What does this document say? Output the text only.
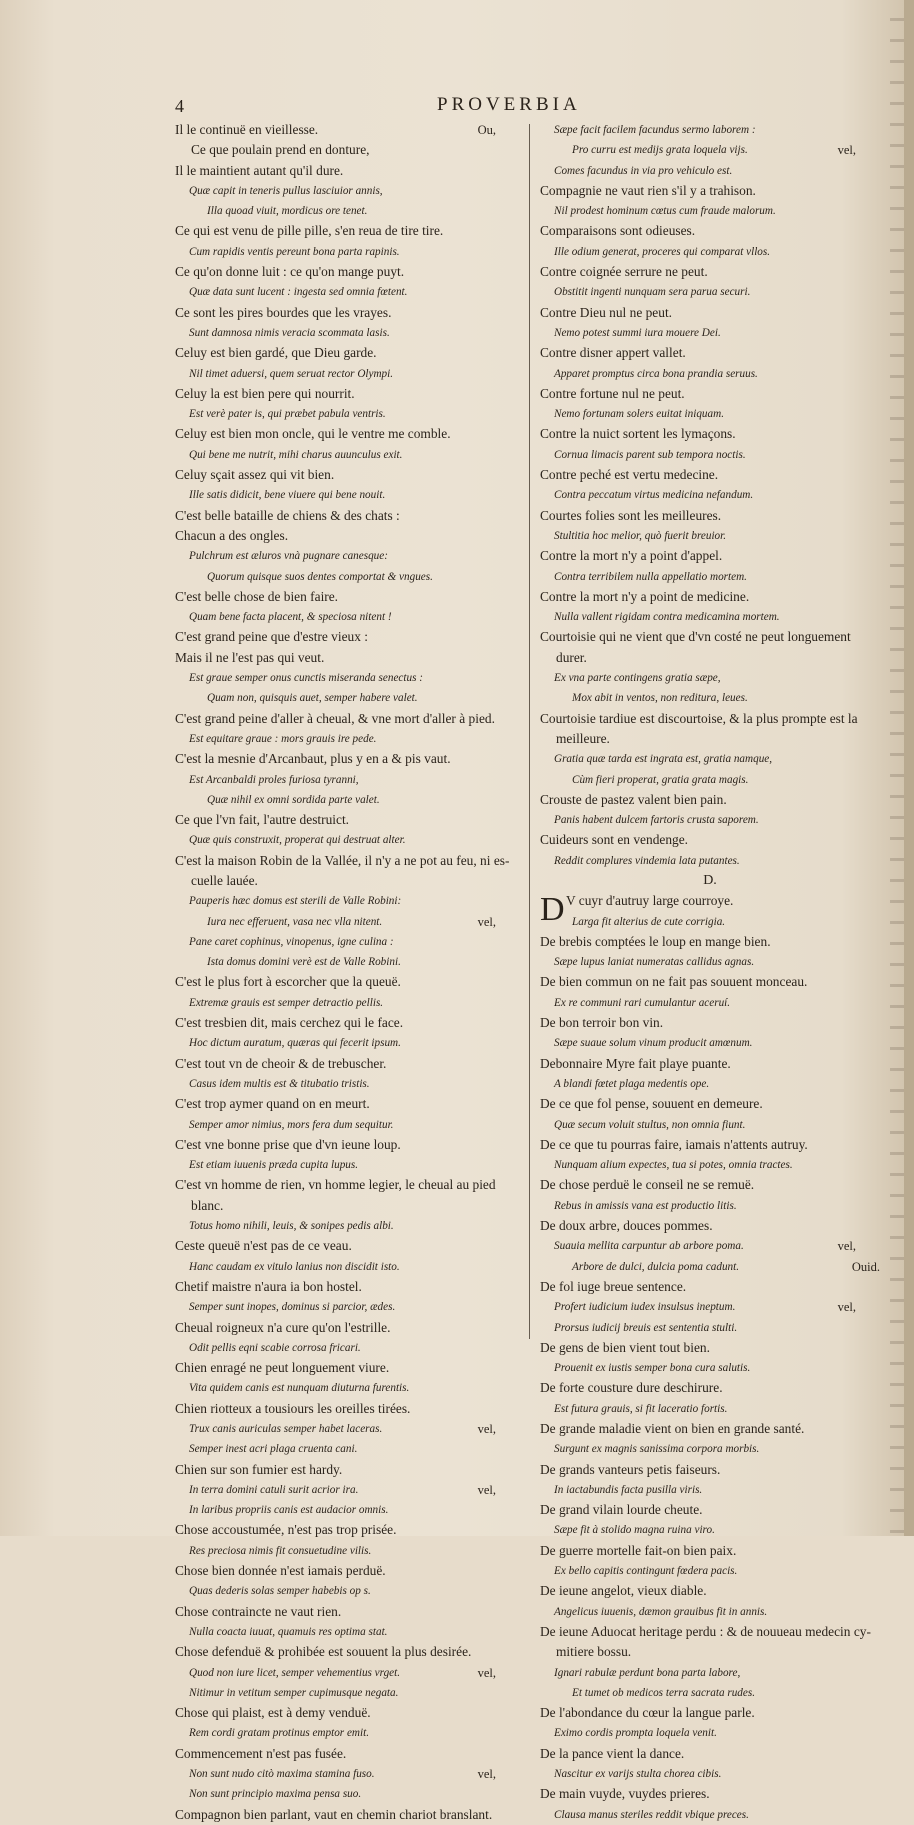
4	PROVERBIA
Il le continuë en vieillesse.	Ou,
Ce que poulain prend en donture,
Il le maintient autant qu'il dure.
Quæ capit in teneris pullus lasciuior annis,
Illa quoad viuit, mordicus ore tenet.
Ce qui est venu de pille pille, s'en reua de tire tire.
Cum rapidis ventis pereunt bona parta rapinis.
Ce qu'on donne luit : ce qu'on mange puyt.
Quæ data sunt lucent : ingesta sed omnia fœtent.
Ce sont les pires bourdes que les vrayes.
Sunt damnosa nimis veracia scommata lasis.
Celuy est bien gardé, que Dieu garde.
Nil timet aduersi, quem seruat rector Olympi.
Celuy la est bien pere qui nourrit.
Est verè pater is, qui præbet pabula ventris.
Celuy est bien mon oncle, qui le ventre me comble.
Qui bene me nutrit, mihi charus auunculus exit.
Celuy sçait assez qui vit bien.
Ille satis didicit, bene viuere qui bene nouit.
C'est belle bataille de chiens & des chats :
Chacun a des ongles.
Pulchrum est æluros vnà pugnare canesque:
Quorum quisque suos dentes comportat & vngues.
C'est belle chose de bien faire.
Quam bene facta placent, & speciosa nitent !
C'est grand peine que d'estre vieux :
Mais il ne l'est pas qui veut.
Est graue semper onus cunctis miseranda senectus :
Quam non, quisquis auet, semper habere valet.
C'est grand peine d'aller à cheual, & vne mort d'aller à pied.
Est equitare graue : mors grauis ire pede.
C'est la mesnie d'Arcanbaut, plus y en a & pis vaut.
Est Arcanbaldi proles furiosa tyranni,
Quæ nihil ex omni sordida parte valet.
Ce que l'vn fait, l'autre destruict.
Quæ quis construxit, properat qui destruat alter.
C'est la maison Robin de la Vallée, il n'y a ne pot au feu, ni es-
cuelle lauée.
Pauperis hæc domus est sterili de Valle Robini:
Iura nec efferuent, vasa nec vlla nitent.	vel,
Pane caret cophinus, vinopenus, igne culina :
Ista domus domini verè est de Valle Robini.
C'est le plus fort à escorcher que la queuë.
Extremæ grauis est semper detractio pellis.
C'est tresbien dit, mais cerchez qui le face.
Hoc dictum auratum, quæras qui fecerit ipsum.
C'est tout vn de cheoir & de trebuscher.
Casus idem multis est & titubatio tristis.
C'est trop aymer quand on en meurt.
Semper amor nimius, mors fera dum sequitur.
C'est vne bonne prise que d'vn ieune loup.
Est etiam iuuenis præda cupita lupus.
C'est vn homme de rien, vn homme legier, le cheual au pied
blanc.
Totus homo nihili, leuis, & sonipes pedis albi.
Ceste queuë n'est pas de ce veau.
Hanc caudam ex vitulo lanius non discidit isto.
Chetif maistre n'aura ia bon hostel.
Semper sunt inopes, dominus si parcior, ædes.
Cheual roigneux n'a cure qu'on l'estrille.
Odit pellis eqni scabie corrosa fricari.
Chien enragé ne peut longuement viure.
Vita quidem canis est nunquam diuturna furentis.
Chien riotteux a tousiours les oreilles tirées.
Trux canis auriculas semper habet laceras.	vel,
Semper inest acri plaga cruenta cani.
Chien sur son fumier est hardy.
In terra domini catuli surit acrior ira.	vel,
In laribus propriis canis est audacior omnis.
Chose accoustumée, n'est pas trop prisée.
Res preciosa nimis fit consuetudine vilis.
Chose bien donnée n'est iamais perduë.
Quas dederis solas semper habebis op s.
Chose contraincte ne vaut rien.
Nulla coacta iuuat, quamuis res optima stat.
Chose defenduë & prohibée est souuent la plus desirée.
Quod non iure licet, semper vehementius vrget.	vel,
Nitimur in vetitum semper cupimusque negata.
Chose qui plaist, est à demy venduë.
Rem cordi gratam protinus emptor emit.
Commencement n'est pas fusée.
Non sunt nudo citò maxima stamina fuso.	vel,
Non sunt principio maxima pensa suo.
Compagnon bien parlant, vaut en chemin chariot branslant.
Sæpe facit facilem facundus sermo laborem :
Pro curru est medijs grata loquela vijs.	vel,
Comes facundus in via pro vehiculo est.
Compagnie ne vaut rien s'il y a trahison.
Nil prodest hominum cœtus cum fraude malorum.
Comparaisons sont odieuses.
Ille odium generat, proceres qui comparat vllos.
Contre coignée serrure ne peut.
Obstitit ingenti nunquam sera parua securi.
Contre Dieu nul ne peut.
Nemo potest summi iura mouere Dei.
Contre disner appert vallet.
Apparet promptus circa bona prandia seruus.
Contre fortune nul ne peut.
Nemo fortunam solers euitat iniquam.
Contre la nuict sortent les lymaçons.
Cornua limacis parent sub tempora noctis.
Contre peché est vertu medecine.
Contra peccatum virtus medicina nefandum.
Courtes folies sont les meilleures.
Stultitia hoc melior, quò fuerit breuior.
Contre la mort n'y a point d'appel.
Contra terribilem nulla appellatio mortem.
Contre la mort n'y a point de medicine.
Nulla vallent rigidam contra medicamina mortem.
Courtoisie qui ne vient que d'vn costé ne peut longuement
durer.
Ex vna parte contingens gratia sæpe,
Mox abit in ventos, non reditura, leues.
Courtoisie tardiue est discourtoise, & la plus prompte est la
meilleure.
Gratia quæ tarda est ingrata est, gratia namque,
Cùm fieri properat, gratia grata magis.
Crouste de pastez valent bien pain.
Panis habent dulcem fartoris crusta saporem.
Cuideurs sont en vendenge.
Reddit complures vindemia lata putantes.
D.
D V cuyr d'autruy large courroye.
Larga fit alterius de cute corrigia.
De brebis comptées le loup en mange bien.
Sæpe lupus laniat numeratas callidus agnas.
De bien commun on ne fait pas souuent monceau.
Ex re communi rari cumulantur aceruí.
De bon terroir bon vin.
Sæpe suaue solum vinum producit amœnum.
Debonnaire Myre fait playe puante.
A blandi fœtet plaga medentis ope.
De ce que fol pense, souuent en demeure.
Quæ secum voluit stultus, non omnia fiunt.
De ce que tu pourras faire, iamais n'attents autruy.
Nunquam alium expectes, tua si potes, omnia tractes.
De chose perduë le conseil ne se remuë.
Rebus in amissis vana est productio litis.
De doux arbre, douces pommes.
Suauia mellita carpuntur ab arbore poma.	vel,
Arbore de dulci, dulcia poma cadunt.	Ouid.
De fol iuge breue sentence.
Profert iudicium iudex insulsus ineptum.	vel,
Prorsus iudicij breuis est sententia stulti.
De gens de bien vient tout bien.
Prouenit ex iustis semper bona cura salutis.
De forte cousture dure deschirure.
Est futura grauis, si fit laceratio fortis.
De grande maladie vient on bien en grande santé.
Surgunt ex magnis sanissima corpora morbis.
De grands vanteurs petis faiseurs.
In iactabundis facta pusilla viris.
De grand vilain lourde cheute.
Sæpe fit à stolido magna ruina viro.
De guerre mortelle fait-on bien paix.
Ex bello capitis contingunt fœdera pacis.
De ieune angelot, vieux diable.
Angelicus iuuenis, dæmon grauibus fit in annis.
De ieune Aduocat heritage perdu : & de nouueau medecin cy-
mitiere bossu.
Ignari rabulæ perdunt bona parta labore,
Et tumet ob medicos terra sacrata rudes.
De l'abondance du cœur la langue parle.
Eximo cordis prompta loquela venit.
De la pance vient la dance.
Nascitur ex varijs stulta chorea cibis.
De main vuyde, vuydes prieres.
Clausa manus steriles reddit vbique preces.
